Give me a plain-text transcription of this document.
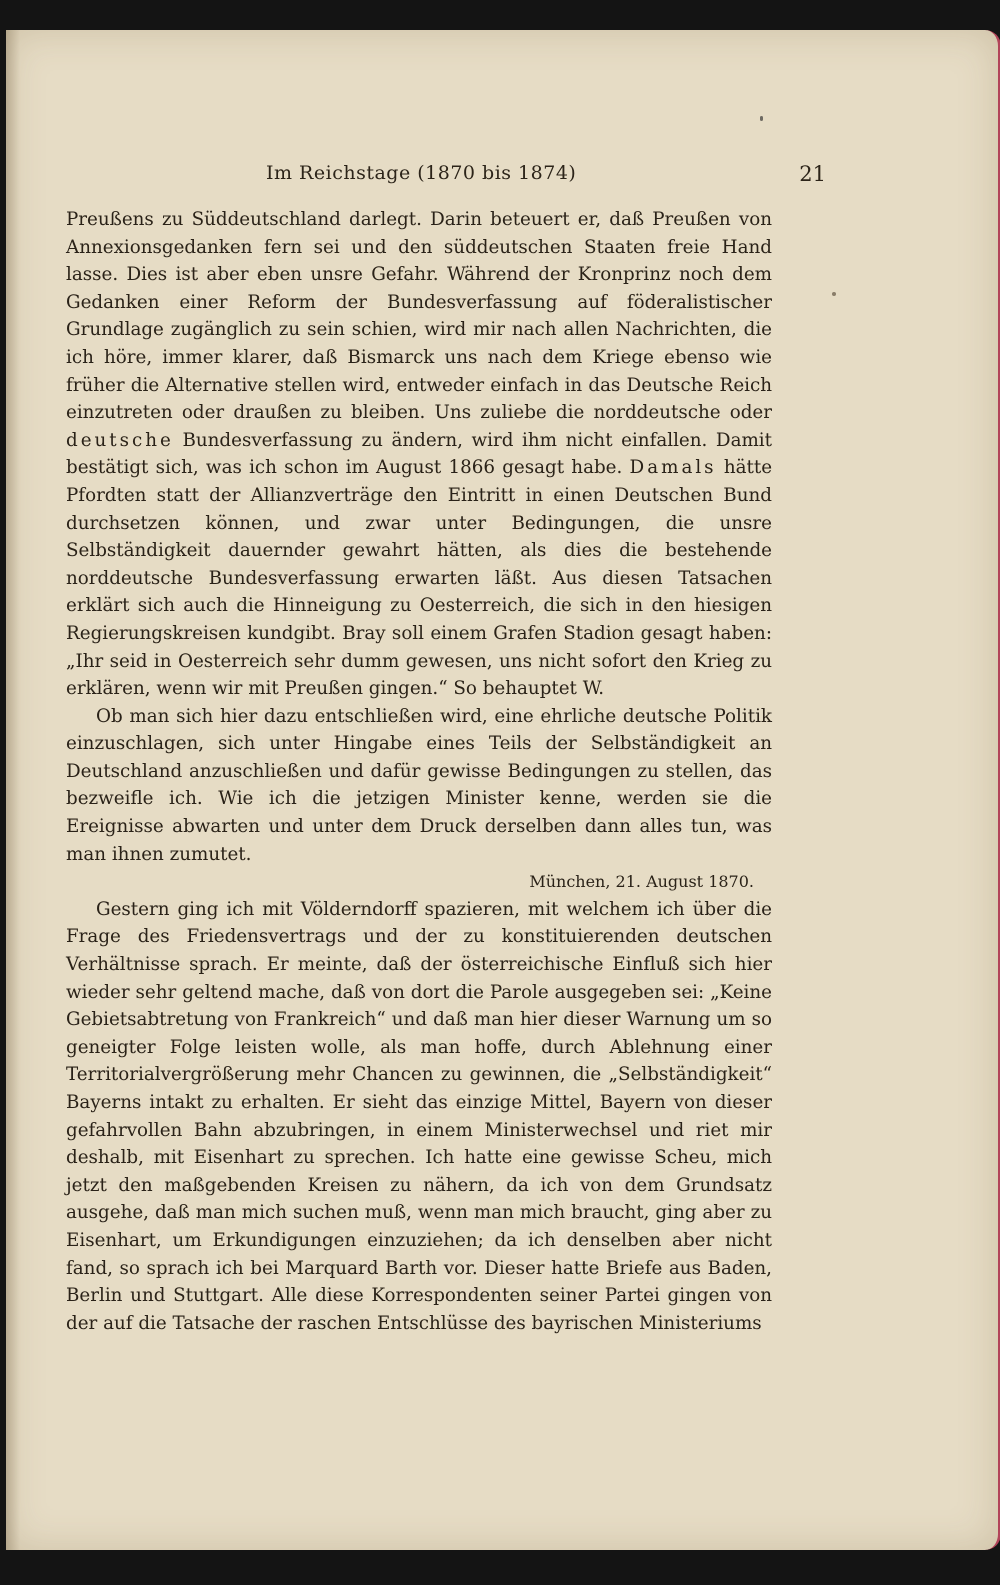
Im Reichstage (1870 bis 1874)	21

Preußens zu Süddeutschland darlegt. Darin beteuert er, daß Preußen von Annexionsgedanken fern sei und den süddeutschen Staaten freie Hand lasse. Dies ist aber eben unsre Gefahr. Während der Kronprinz noch dem Gedanken einer Reform der Bundesverfassung auf föderalistischer Grundlage zugänglich zu sein schien, wird mir nach allen Nachrichten, die ich höre, immer klarer, daß Bismarck uns nach dem Kriege ebenso wie früher die Alternative stellen wird, entweder einfach in das Deutsche Reich einzutreten oder draußen zu bleiben. Uns zuliebe die norddeutsche oder deutsche Bundesverfassung zu ändern, wird ihm nicht einfallen. Damit bestätigt sich, was ich schon im August 1866 gesagt habe. Damals hätte Pfordten statt der Allianzverträge den Eintritt in einen Deutschen Bund durchsetzen können, und zwar unter Bedingungen, die unsre Selbständigkeit dauernder gewahrt hätten, als dies die bestehende norddeutsche Bundesverfassung erwarten läßt. Aus diesen Tatsachen erklärt sich auch die Hinneigung zu Oesterreich, die sich in den hiesigen Regierungskreisen kundgibt. Bray soll einem Grafen Stadion gesagt haben: „Ihr seid in Oesterreich sehr dumm gewesen, uns nicht sofort den Krieg zu erklären, wenn wir mit Preußen gingen.“ So behauptet W.

Ob man sich hier dazu entschließen wird, eine ehrliche deutsche Politik einzuschlagen, sich unter Hingabe eines Teils der Selbständigkeit an Deutschland anzuschließen und dafür gewisse Bedingungen zu stellen, das bezweifle ich. Wie ich die jetzigen Minister kenne, werden sie die Ereignisse abwarten und unter dem Druck derselben dann alles tun, was man ihnen zumutet.

München, 21. August 1870.

Gestern ging ich mit Völderndorff spazieren, mit welchem ich über die Frage des Friedensvertrags und der zu konstituierenden deutschen Verhältnisse sprach. Er meinte, daß der österreichische Einfluß sich hier wieder sehr geltend mache, daß von dort die Parole ausgegeben sei: „Keine Gebietsabtretung von Frankreich“ und daß man hier dieser Warnung um so geneigter Folge leisten wolle, als man hoffe, durch Ablehnung einer Territorialvergrößerung mehr Chancen zu gewinnen, die „Selbständigkeit“ Bayerns intakt zu erhalten. Er sieht das einzige Mittel, Bayern von dieser gefahrvollen Bahn abzubringen, in einem Ministerwechsel und riet mir deshalb, mit Eisenhart zu sprechen. Ich hatte eine gewisse Scheu, mich jetzt den maßgebenden Kreisen zu nähern, da ich von dem Grundsatz ausgehe, daß man mich suchen muß, wenn man mich braucht, ging aber zu Eisenhart, um Erkundigungen einzuziehen; da ich denselben aber nicht fand, so sprach ich bei Marquard Barth vor. Dieser hatte Briefe aus Baden, Berlin und Stuttgart. Alle diese Korrespondenten seiner Partei gingen von der auf die Tatsache der raschen Entschlüsse des bayrischen Ministeriums
